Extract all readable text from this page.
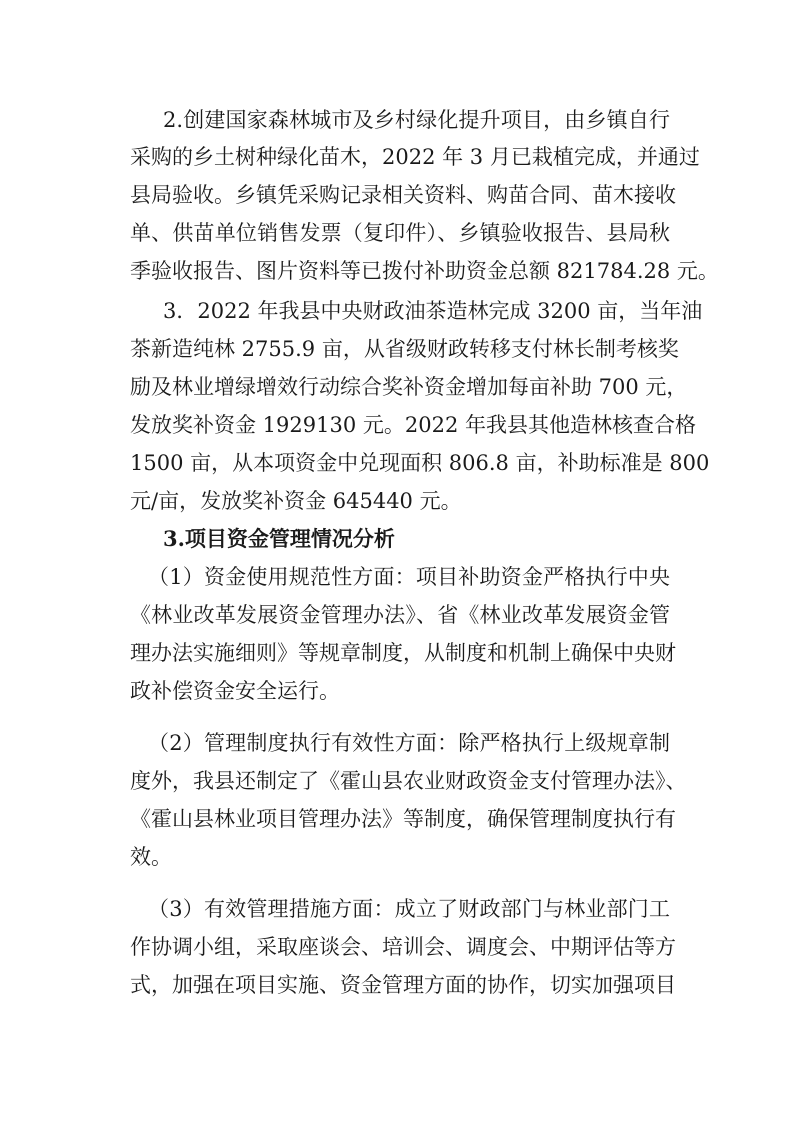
2.创建国家森林城市及乡村绿化提升项目，由乡镇自行
采购的乡土树种绿化苗木，2022 年 3 月已栽植完成，并通过
县局验收。乡镇凭采购记录相关资料、购苗合同、苗木接收
单、供苗单位销售发票（复印件）、乡镇验收报告、县局秋
季验收报告、图片资料等已拨付补助资金总额 821784.28 元。
3．2022 年我县中央财政油茶造林完成 3200 亩，当年油
茶新造纯林 2755.9 亩，从省级财政转移支付林长制考核奖
励及林业增绿增效行动综合奖补资金增加每亩补助 700 元，
发放奖补资金 1929130 元。2022 年我县其他造林核查合格
1500 亩，从本项资金中兑现面积 806.8 亩，补助标准是 800
元/亩，发放奖补资金 645440 元。
3.项目资金管理情况分析
（1）资金使用规范性方面：项目补助资金严格执行中央
《林业改革发展资金管理办法》、省《林业改革发展资金管
理办法实施细则》等规章制度，从制度和机制上确保中央财
政补偿资金安全运行。
（2）管理制度执行有效性方面：除严格执行上级规章制
度外，我县还制定了《霍山县农业财政资金支付管理办法》、
《霍山县林业项目管理办法》等制度，确保管理制度执行有
效。
（3）有效管理措施方面：成立了财政部门与林业部门工
作协调小组，采取座谈会、培训会、调度会、中期评估等方
式，加强在项目实施、资金管理方面的协作，切实加强项目
